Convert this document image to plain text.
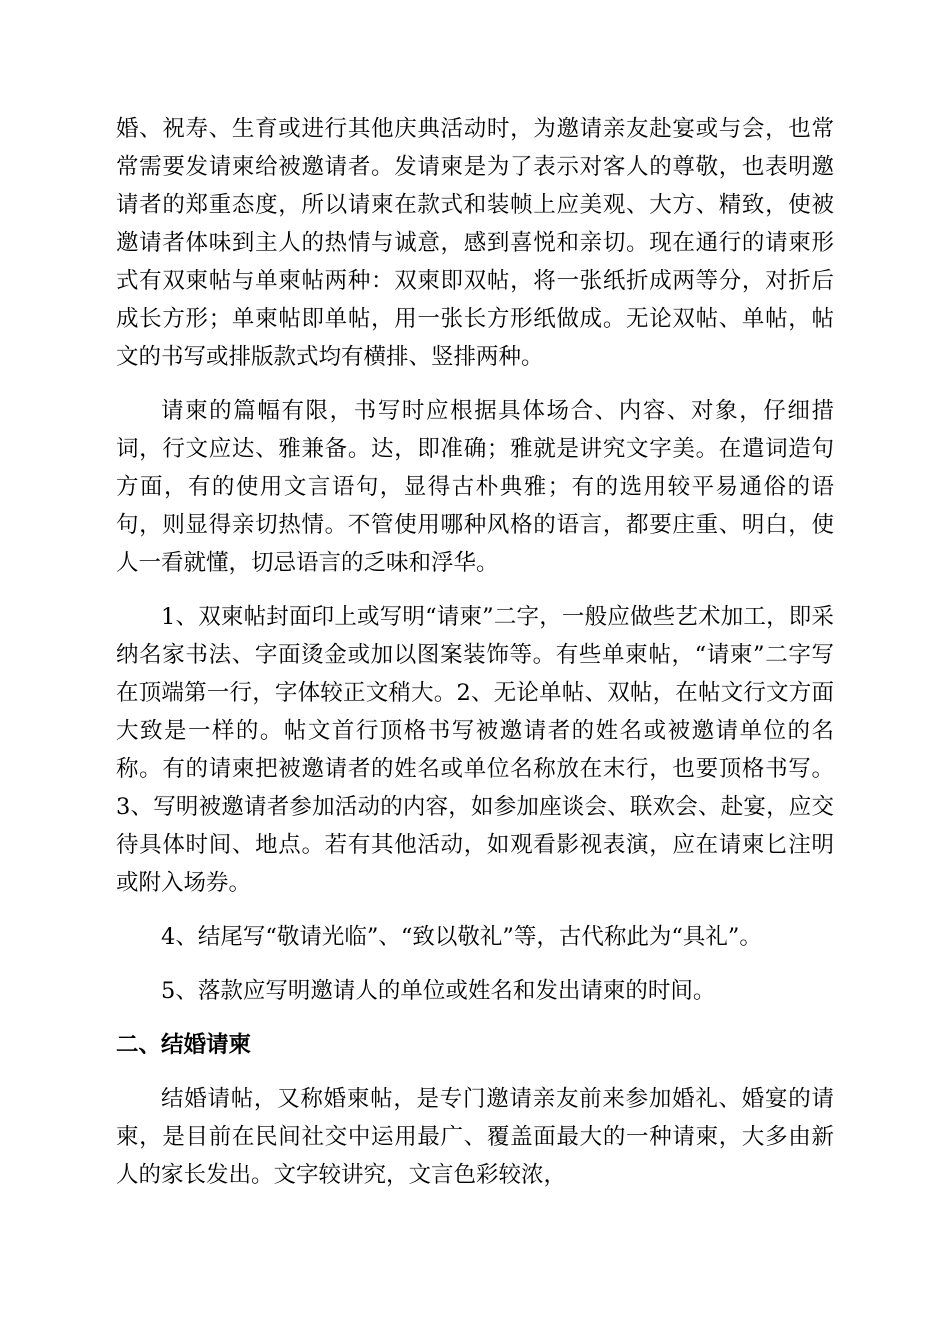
婚、祝寿、生育或进行其他庆典活动时，为邀请亲友赴宴或与会，也常常需要发请柬给被邀请者。发请柬是为了表示对客人的尊敬，也表明邀请者的郑重态度，所以请柬在款式和装帧上应美观、大方、精致，使被邀请者体味到主人的热情与诚意，感到喜悦和亲切。现在通行的请柬形式有双柬帖与单柬帖两种：双柬即双帖，将一张纸折成两等分，对折后成长方形；单柬帖即单帖，用一张长方形纸做成。无论双帖、单帖，帖文的书写或排版款式均有横排、竖排两种。

请柬的篇幅有限，书写时应根据具体场合、内容、对象，仔细措词，行文应达、雅兼备。达，即准确；雅就是讲究文字美。在遣词造句方面，有的使用文言语句，显得古朴典雅；有的选用较平易通俗的语句，则显得亲切热情。不管使用哪种风格的语言，都要庄重、明白，使人一看就懂，切忌语言的乏味和浮华。

1、双柬帖封面印上或写明“请柬”二字，一般应做些艺术加工，即采纳名家书法、字面烫金或加以图案装饰等。有些单柬帖，“请柬”二字写在顶端第一行，字体较正文稍大。2、无论单帖、双帖，在帖文行文方面大致是一样的。帖文首行顶格书写被邀请者的姓名或被邀请单位的名称。有的请柬把被邀请者的姓名或单位名称放在末行，也要顶格书写。3、写明被邀请者参加活动的内容，如参加座谈会、联欢会、赴宴，应交待具体时间、地点。若有其他活动，如观看影视表演，应在请柬匕注明或附入场券。

4、结尾写“敬请光临”、“致以敬礼”等，古代称此为“具礼”。

5、落款应写明邀请人的单位或姓名和发出请柬的时间。

二、结婚请柬

结婚请帖，又称婚柬帖，是专门邀请亲友前来参加婚礼、婚宴的请柬，是目前在民间社交中运用最广、覆盖面最大的一种请柬，大多由新人的家长发出。文字较讲究，文言色彩较浓，
